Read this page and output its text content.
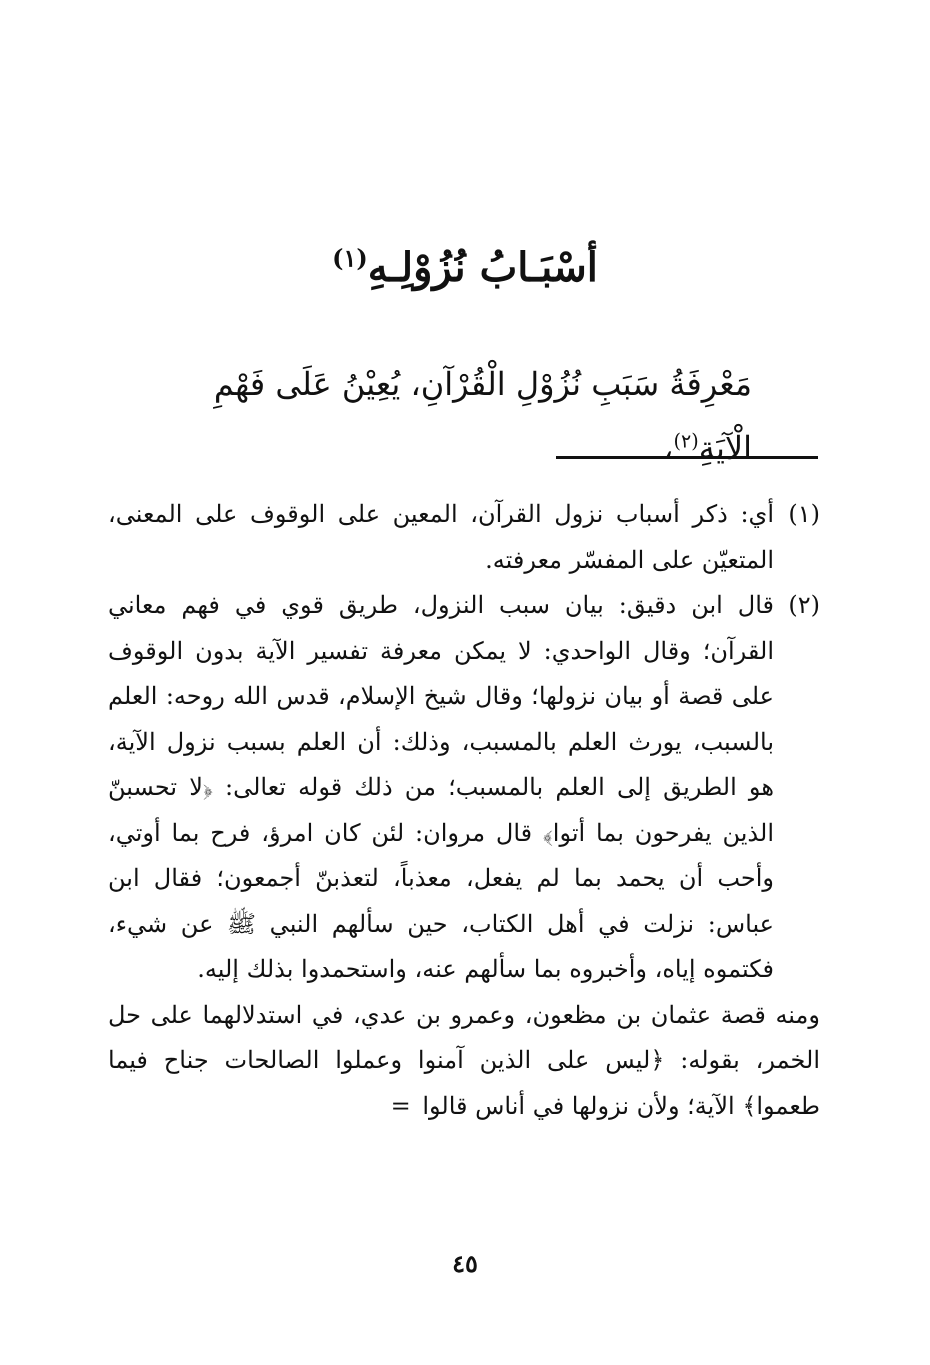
أسْبَـابُ نُزُوْلِـهِ$^{(١)}$

مَعْرِفَةُ سَبَبِ نُزُوْلِ الْقُرْآنِ، يُعِيْنُ عَلَى فَهْمِ الْآيَةِ$^{(٢)}$،

(١)
أي: ذكر أسباب نزول القرآن، المعين على الوقوف على المعنى، المتعيّن على المفسّر معرفته.

(٢)
قال ابن دقيق: بيان سبب النزول، طريق قوي في فهم معاني القرآن؛ وقال الواحدي: لا يمكن معرفة تفسير الآية بدون الوقوف على قصة أو بيان نزولها؛ وقال شيخ الإسلام، قدس الله روحه: العلم بالسبب، يورث العلم بالمسبب، وذلك: أن العلم بسبب نزول الآية، هو الطريق إلى العلم بالمسبب؛ من ذلك قوله تعالى: ﴿لا تحسبنّ الذين يفرحون بما أتوا﴾ قال مروان: لئن كان امرؤ، فرح بما أوتي، وأحب أن يحمد بما لم يفعل، معذباً، لتعذبنّ أجمعون؛ فقال ابن عباس: نزلت في أهل الكتاب، حين سألهم النبي ﷺ عن شيء، فكتموه إياه، وأخبروه بما سألهم عنه، واستحمدوا بذلك إليه.

ومنه قصة عثمان بن مظعون، وعمرو بن عدي، في استدلالهما على حل الخمر، بقوله: ﴿ليس على الذين آمنوا وعملوا الصالحات جناح فيما طعموا﴾ الآية؛ ولأن نزولها في أناس قالوا =

٤٥
